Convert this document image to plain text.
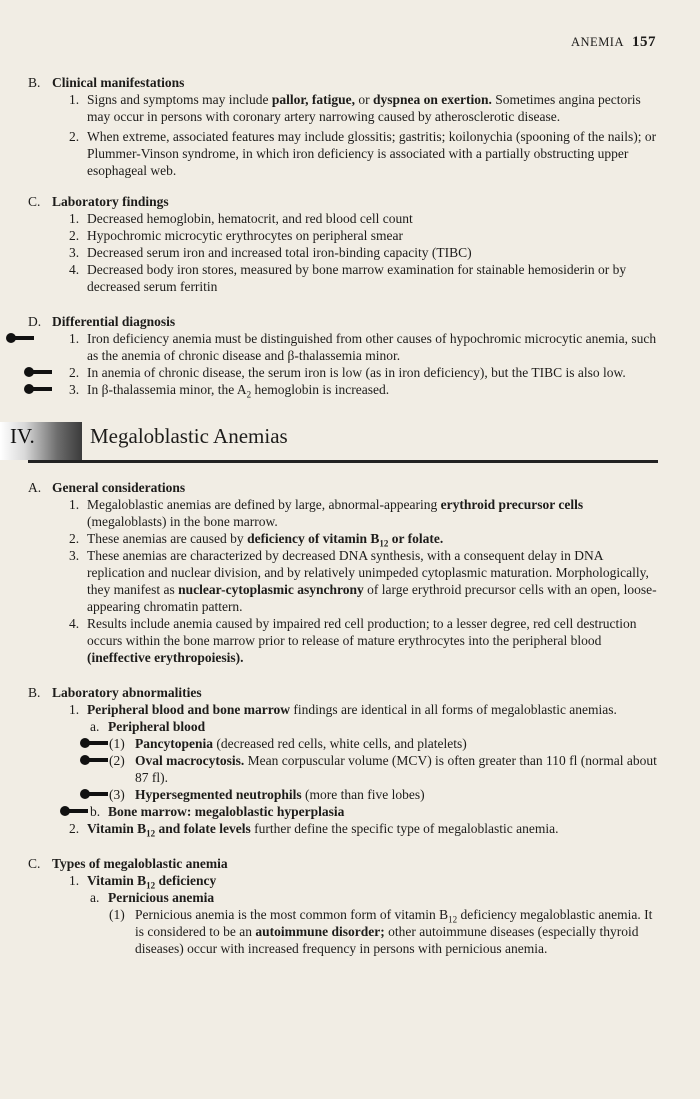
ANEMIA 157
B. Clinical manifestations
1. Signs and symptoms may include pallor, fatigue, or dyspnea on exertion. Sometimes angina pectoris may occur in persons with coronary artery narrowing caused by atherosclerotic disease.
2. When extreme, associated features may include glossitis; gastritis; koilonychia (spooning of the nails); or Plummer-Vinson syndrome, in which iron deficiency is associated with a partially obstructing upper esophageal web.
C. Laboratory findings
1. Decreased hemoglobin, hematocrit, and red blood cell count
2. Hypochromic microcytic erythrocytes on peripheral smear
3. Decreased serum iron and increased total iron-binding capacity (TIBC)
4. Decreased body iron stores, measured by bone marrow examination for stainable hemosiderin or by decreased serum ferritin
D. Differential diagnosis
1. Iron deficiency anemia must be distinguished from other causes of hypochromic microcytic anemia, such as the anemia of chronic disease and β-thalassemia minor.
2. In anemia of chronic disease, the serum iron is low (as in iron deficiency), but the TIBC is also low.
3. In β-thalassemia minor, the $A_2$ hemoglobin is increased.
IV.	Megaloblastic Anemias
A. General considerations
1. Megaloblastic anemias are defined by large, abnormal-appearing erythroid precursor cells (megaloblasts) in the bone marrow.
2. These anemias are caused by deficiency of vitamin $B_{12}$ or folate.
3. These anemias are characterized by decreased DNA synthesis, with a consequent delay in DNA replication and nuclear division, and by relatively unimpeded cytoplasmic maturation. Morphologically, they manifest as nuclear-cytoplasmic asynchrony of large erythroid precursor cells with an open, loose-appearing chromatin pattern.
4. Results include anemia caused by impaired red cell production; to a lesser degree, red cell destruction occurs within the bone marrow prior to release of mature erythrocytes into the peripheral blood (ineffective erythropoiesis).
B. Laboratory abnormalities
1. Peripheral blood and bone marrow findings are identical in all forms of megaloblastic anemias.
a. Peripheral blood
(1) Pancytopenia (decreased red cells, white cells, and platelets)
(2) Oval macrocytosis. Mean corpuscular volume (MCV) is often greater than 110 fl (normal about 87 fl).
(3) Hypersegmented neutrophils (more than five lobes)
b. Bone marrow: megaloblastic hyperplasia
2. Vitamin $B_{12}$ and folate levels further define the specific type of megaloblastic anemia.
C. Types of megaloblastic anemia
1. Vitamin $B_{12}$ deficiency
a. Pernicious anemia
(1) Pernicious anemia is the most common form of vitamin $B_{12}$ deficiency megaloblastic anemia. It is considered to be an autoimmune disorder; other autoimmune diseases (especially thyroid diseases) occur with increased frequency in persons with pernicious anemia.
